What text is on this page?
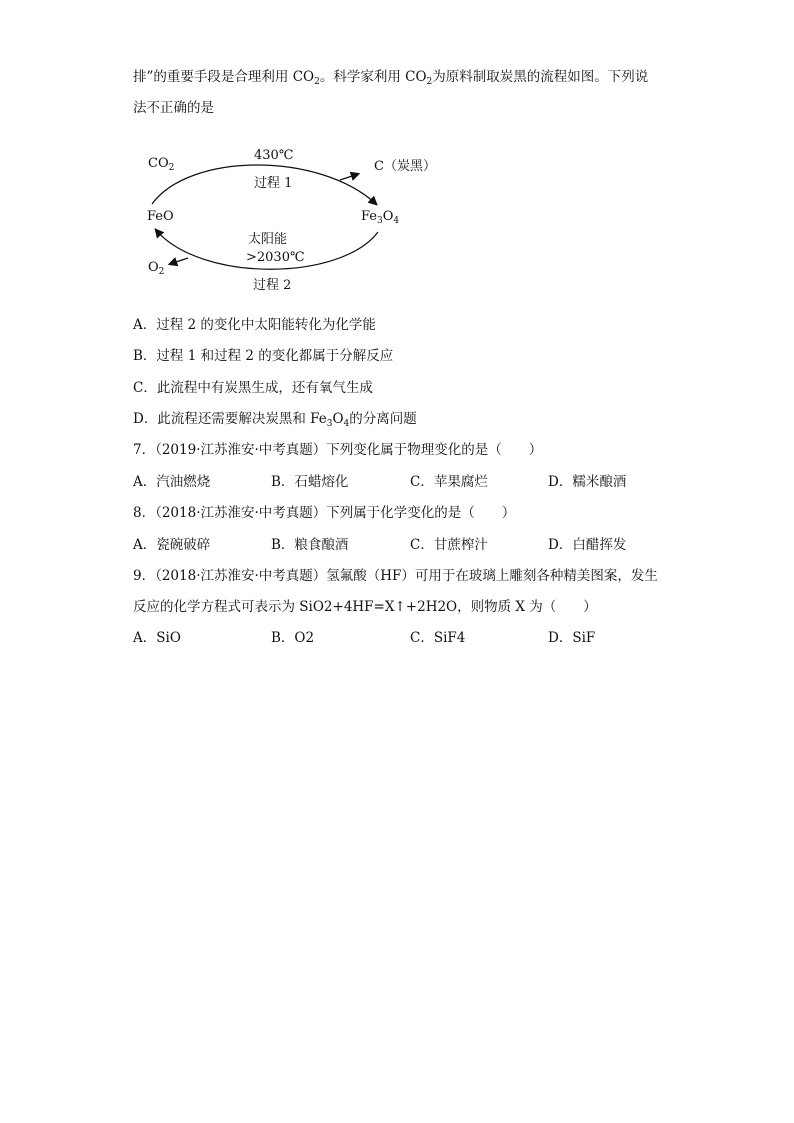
排”的重要手段是合理利用 $CO_2$。科学家利用 $CO_2$为原料制取炭黑的流程如图。下列说
法不正确的是
$CO_2$
430℃
过程 1
C（炭黑）
FeO	$Fe_3O_4$
太阳能
>2030℃
$O_2$
过程 2
A．过程 2 的变化中太阳能转化为化学能
B．过程 1 和过程 2 的变化都属于分解反应
C．此流程中有炭黑生成，还有氧气生成
D．此流程还需要解决炭黑和 $Fe_3O_4$的分离问题
7．（2019·江苏淮安·中考真题）下列变化属于物理变化的是（　　）
A．汽油燃烧	B．石蜡熔化	C．苹果腐烂	D．糯米酿酒
8．（2018·江苏淮安·中考真题）下列属于化学变化的是（　　）
A．瓷碗破碎	B．粮食酿酒	C．甘蔗榨汁	D．白醋挥发
9．（2018·江苏淮安·中考真题）氢氟酸（HF）可用于在玻璃上雕刻各种精美图案，发生
反应的化学方程式可表示为 SiO2+4HF=X↑+2H2O，则物质 X 为（　　）
A．SiO	B．O2	C．SiF4	D．SiF
